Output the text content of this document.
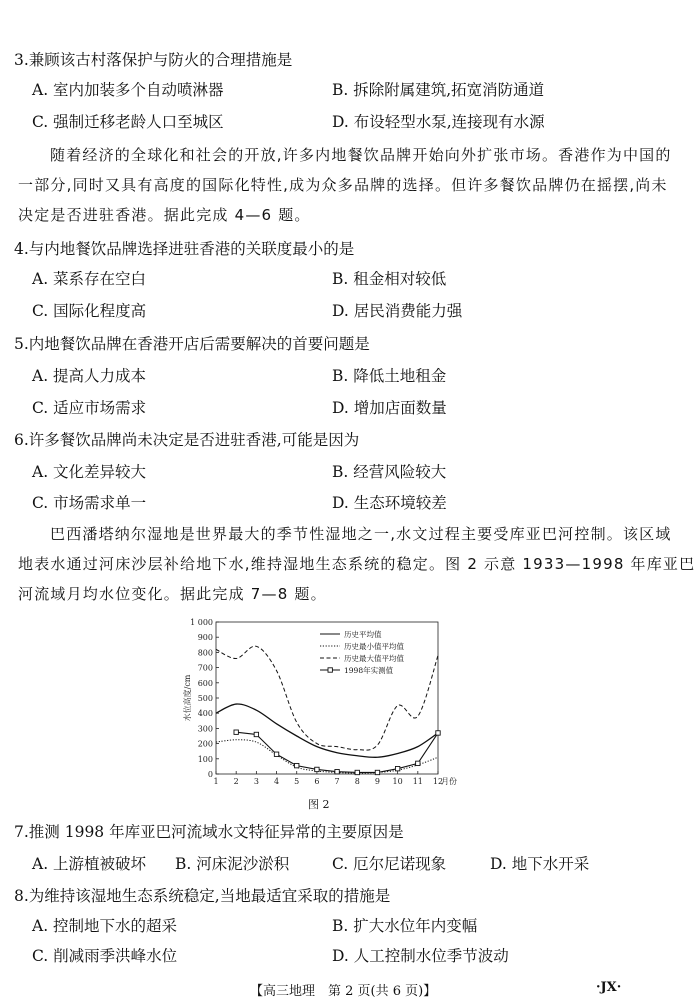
3.兼顾该古村落保护与防火的合理措施是
A. 室内加装多个自动喷淋器	B. 拆除附属建筑,拓宽消防通道
C. 强制迁移老龄人口至城区	D. 布设轻型水泵,连接现有水源
随着经济的全球化和社会的开放,许多内地餐饮品牌开始向外扩张市场。香港作为中国的
一部分,同时又具有高度的国际化特性,成为众多品牌的选择。但许多餐饮品牌仍在摇摆,尚未
决定是否进驻香港。据此完成 4—6 题。
4.与内地餐饮品牌选择进驻香港的关联度最小的是
A. 菜系存在空白	B. 租金相对较低
C. 国际化程度高	D. 居民消费能力强
5.内地餐饮品牌在香港开店后需要解决的首要问题是
A. 提高人力成本	B. 降低土地租金
C. 适应市场需求	D. 增加店面数量
6.许多餐饮品牌尚未决定是否进驻香港,可能是因为
A. 文化差异较大	B. 经营风险较大
C. 市场需求单一	D. 生态环境较差
巴西潘塔纳尔湿地是世界最大的季节性湿地之一,水文过程主要受库亚巴河控制。该区域
地表水通过河床沙层补给地下水,维持湿地生态系统的稳定。图 2 示意 1933—1998 年库亚巴
河流域月均水位变化。据此完成 7—8 题。
0
100
200
300
400
500
600
700
800
900
1 000
1 2 3 4 5 6 7 8 9 10 11 12
月份
水位高度/cm
历史平均值
历史最小值平均值
历史最大值平均值
1998年实测值
图 2
7.推测 1998 年库亚巴河流域水文特征异常的主要原因是
A. 上游植被破坏 B. 河床泥沙淤积	C. 厄尔尼诺现象	D. 地下水开采
8.为维持该湿地生态系统稳定,当地最适宜采取的措施是
A. 控制地下水的超采	B. 扩大水位年内变幅
C. 削减雨季洪峰水位	D. 人工控制水位季节波动
【高三地理　第 2 页(共 6 页)】	·JX·
